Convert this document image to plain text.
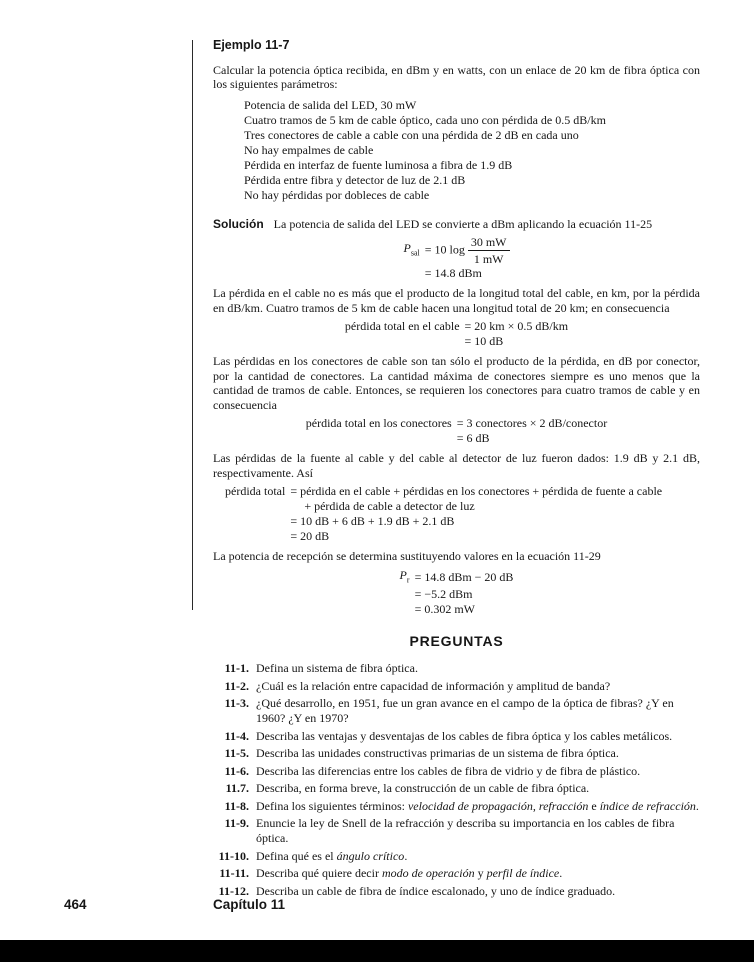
Ejemplo 11-7

Calcular la potencia óptica recibida, en dBm y en watts, con un enlace de 20 km de fibra óptica con los siguientes parámetros:

Potencia de salida del LED, 30 mW
Cuatro tramos de 5 km de cable óptico, cada uno con pérdida de 0.5 dB/km
Tres conectores de cable a cable con una pérdida de 2 dB en cada uno
No hay empalmes de cable
Pérdida en interfaz de fuente luminosa a fibra de 1.9 dB
Pérdida entre fibra y detector de luz de 2.1 dB
No hay pérdidas por dobleces de cable

Solución La potencia de salida del LED se convierte a dBm aplicando la ecuación 11-25

$P_{sal} = 10$ $\log \frac{30 mW}{1 mW}$
= 14.8 dBm

La pérdida en el cable no es más que el producto de la longitud total del cable, en km, por la pérdida en dB/km. Cuatro tramos de 5 km de cable hacen una longitud total de 20 km; en consecuencia

pérdida total en el cable = 20 km × 0.5 dB/km
= 10 dB

Las pérdidas en los conectores de cable son tan sólo el producto de la pérdida, en dB por conector, por la cantidad de conectores. La cantidad máxima de conectores siempre es uno menos que la cantidad de tramos de cable. Entonces, se requieren los conectores para cuatro tramos de cable y en consecuencia

pérdida total en los conectores = 3 conectores × 2 dB/conector
= 6 dB

Las pérdidas de la fuente al cable y del cable al detector de luz fueron dados: 1.9 dB y 2.1 dB, respectivamente. Así

pérdida total = pérdida en el cable + pérdidas en los conectores + pérdida de fuente a cable
+ pérdida de cable a detector de luz
= 10 dB + 6 dB + 1.9 dB + 2.1 dB
= 20 dB

La potencia de recepción se determina sustituyendo valores en la ecuación 11-29

$P_r = 14.8$ dBm − 20 dB
= −5.2 dBm
= 0.302 mW
PREGUNTAS
11-1. Defina un sistema de fibra óptica.
11-2. ¿Cuál es la relación entre capacidad de información y amplitud de banda?
11-3. ¿Qué desarrollo, en 1951, fue un gran avance en el campo de la óptica de fibras? ¿Y en 1960? ¿Y en 1970?
11-4. Describa las ventajas y desventajas de los cables de fibra óptica y los cables metálicos.
11-5. Describa las unidades constructivas primarias de un sistema de fibra óptica.
11-6. Describa las diferencias entre los cables de fibra de vidrio y de fibra de plástico.
11.7. Describa, en forma breve, la construcción de un cable de fibra óptica.
11-8. Defina los siguientes términos: velocidad de propagación, refracción e índice de refracción.
11-9. Enuncie la ley de Snell de la refracción y describa su importancia en los cables de fibra óptica.
11-10. Defina qué es el ángulo crítico.
11-11. Describa qué quiere decir modo de operación y perfil de índice.
11-12. Describa un cable de fibra de índice escalonado, y uno de índice graduado.
464	Capítulo 11
